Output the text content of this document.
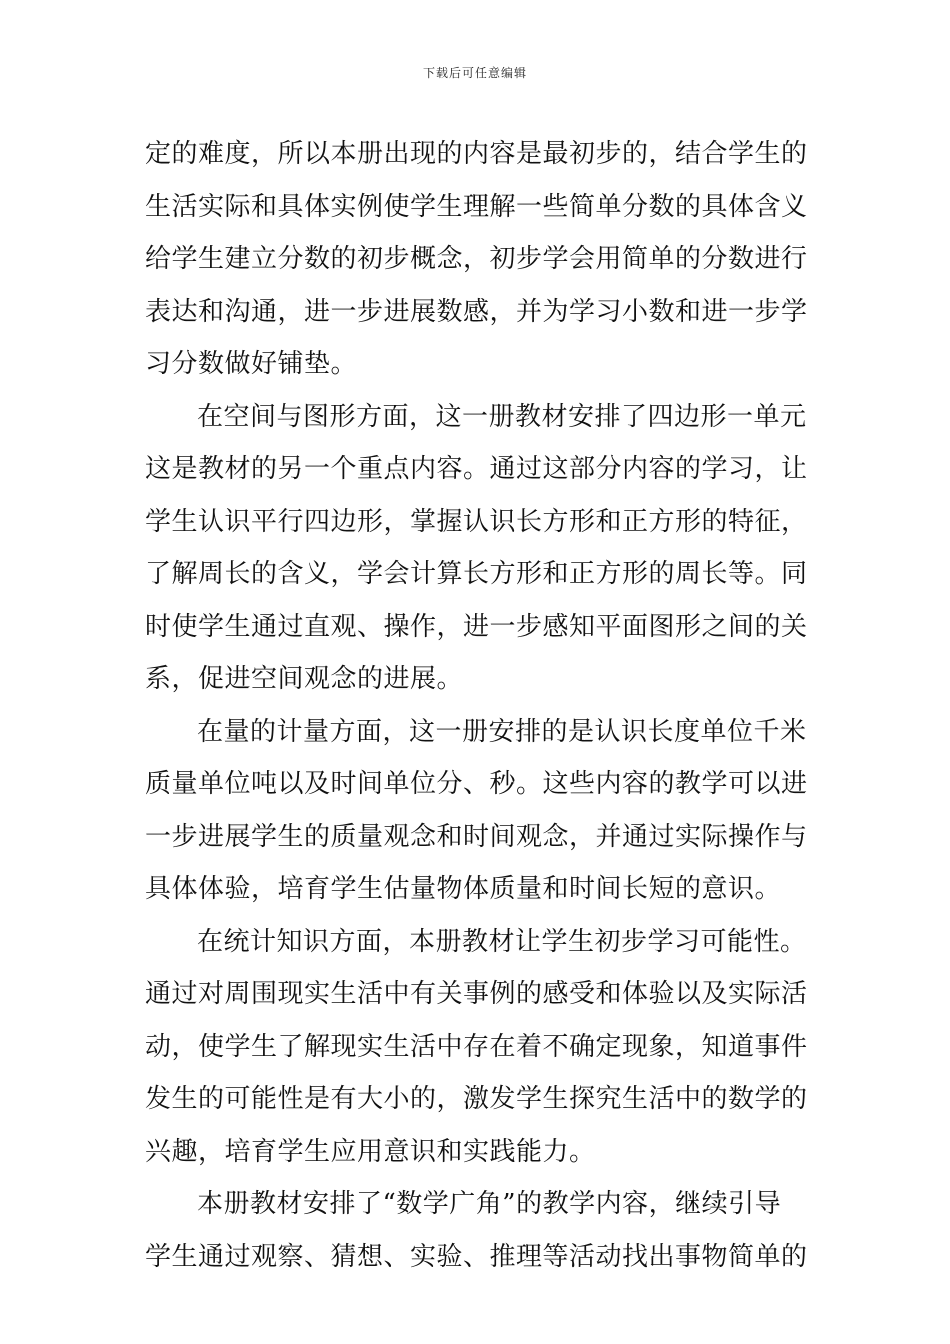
下载后可任意编辑
定的难度，所以本册出现的内容是最初步的，结合学生的
生活实际和具体实例使学生理解一些简单分数的具体含义
给学生建立分数的初步概念，初步学会用简单的分数进行
表达和沟通，进一步进展数感，并为学习小数和进一步学
习分数做好铺垫。
在空间与图形方面，这一册教材安排了四边形一单元
这是教材的另一个重点内容。通过这部分内容的学习，让
学生认识平行四边形，掌握认识长方形和正方形的特征，
了解周长的含义，学会计算长方形和正方形的周长等。同
时使学生通过直观、操作，进一步感知平面图形之间的关
系，促进空间观念的进展。
在量的计量方面，这一册安排的是认识长度单位千米
质量单位吨以及时间单位分、秒。这些内容的教学可以进
一步进展学生的质量观念和时间观念，并通过实际操作与
具体体验，培育学生估量物体质量和时间长短的意识。
在统计知识方面，本册教材让学生初步学习可能性。
通过对周围现实生活中有关事例的感受和体验以及实际活
动，使学生了解现实生活中存在着不确定现象，知道事件
发生的可能性是有大小的，激发学生探究生活中的数学的
兴趣，培育学生应用意识和实践能力。
本册教材安排了“数学广角”的教学内容，继续引导
学生通过观察、猜想、实验、推理等活动找出事物简单的
